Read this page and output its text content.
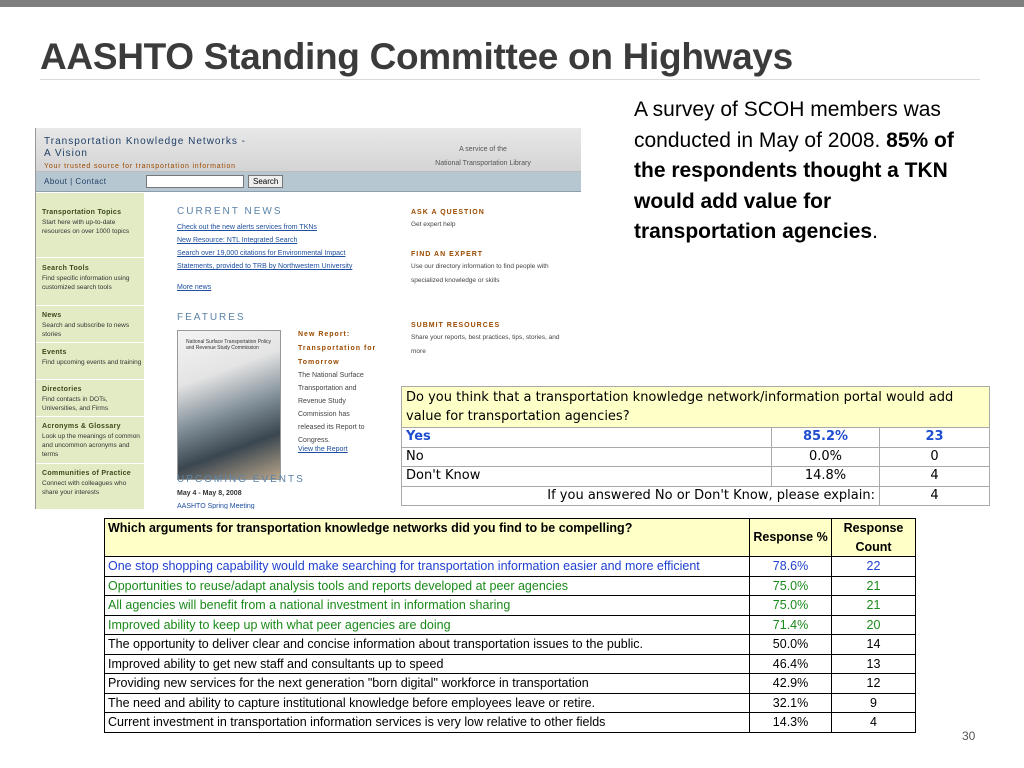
AASHTO Standing Committee on Highways
Transportation Knowledge Networks -
A Vision
Your trusted source for transportation information
A service of the
National Transportation Library
About | Contact	Search
Transportation Topics
Start here with up-to-date resources on over 1000 topics
Search Tools
Find specific information using customized search tools
News
Search and subscribe to news stories
Events
Find upcoming events and training
Directories
Find contacts in DOTs, Universities, and Firms
Acronyms & Glossary
Look up the meanings of common and uncommon acronyms and terms
Communities of Practice
Connect with colleagues who share your interests
CURRENT NEWS
Check out the new alerts services from TKNs
New Resource: NTL Integrated Search
Search over 19,000 citations for Environmental Impact
Statements, provided to TRB by Northwestern University
More news
FEATURES
National Surface Transportation Policy and Revenue Study Commission
New Report: Transportation for Tomorrow
The National Surface Transportation and Revenue Study Commission has released its Report to Congress.
View the Report
UPCOMING EVENTS
May 4 - May 8, 2008
AASHTO Spring Meeting
ASK A QUESTION
Get expert help
FIND AN EXPERT
Use our directory information to find people with specialized knowledge or skills
SUBMIT RESOURCES
Share your reports, best practices, tips, stories, and more
A survey of SCOH members was conducted in May of 2008. 85% of the respondents thought a TKN would add value for transportation agencies.
Do you think that a transportation knowledge network/information portal would add value for transportation agencies?		
Yes	85.2%	23
No	0.0%	0
Don't Know	14.8%	4
If you answered No or Don't Know, please explain:		4
Which arguments for transportation knowledge networks did you find to be compelling?	Response %	Response Count
One stop shopping capability would make searching for transportation information easier and more efficient	78.6%	22
Opportunities to reuse/adapt analysis tools and reports developed at peer agencies	75.0%	21
All agencies will benefit from a national investment in information sharing	75.0%	21
Improved ability to keep up with what peer agencies are doing	71.4%	20
The opportunity to deliver clear and concise information about transportation issues to the public.	50.0%	14
Improved ability to get new staff and consultants up to speed	46.4%	13
Providing new services for the next generation "born digital" workforce in transportation	42.9%	12
The need and ability to capture institutional knowledge before employees leave or retire.	32.1%	9
Current investment in transportation information services is very low relative to other fields	14.3%	4
30
